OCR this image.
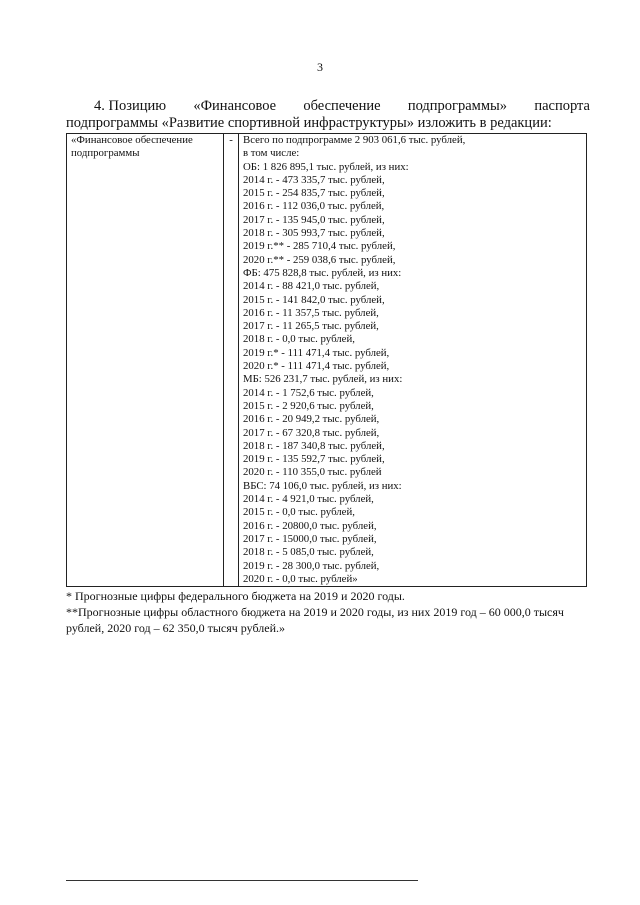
3
4. Позицию «Финансовое обеспечение подпрограммы» паспорта
подпрограммы «Развитие спортивной инфраструктуры» изложить в редакции:
«Финансовое обеспечение подпрограммы	-	Всего по подпрограмме 2 903 061,6 тыс. рублей,
в том числе:
ОБ: 1 826 895,1 тыс. рублей, из них:
2014 г. - 473 335,7 тыс. рублей,
2015 г. - 254 835,7 тыс. рублей,
2016 г. - 112 036,0 тыс. рублей,
2017 г. - 135 945,0 тыс. рублей,
2018 г. - 305 993,7 тыс. рублей,
2019 г.** - 285 710,4 тыс. рублей,
2020 г.** - 259 038,6 тыс. рублей,
ФБ: 475 828,8 тыс. рублей, из них:
2014 г. - 88 421,0 тыс. рублей,
2015 г. - 141 842,0 тыс. рублей,
2016 г. - 11 357,5 тыс. рублей,
2017 г. - 11 265,5 тыс. рублей,
2018 г. - 0,0 тыс. рублей,
2019 г.* - 111 471,4 тыс. рублей,
2020 г.* - 111 471,4 тыс. рублей,
МБ: 526 231,7 тыс. рублей, из них:
2014 г. - 1 752,6 тыс. рублей,
2015 г. - 2 920,6 тыс. рублей,
2016 г. - 20 949,2 тыс. рублей,
2017 г. - 67 320,8 тыс. рублей,
2018 г. - 187 340,8 тыс. рублей,
2019 г. - 135 592,7 тыс. рублей,
2020 г. - 110 355,0 тыс. рублей
ВБС: 74 106,0 тыс. рублей, из них:
2014 г. - 4 921,0 тыс. рублей,
2015 г. - 0,0 тыс. рублей,
2016 г. - 20800,0 тыс. рублей,
2017 г. - 15000,0 тыс. рублей,
2018 г. - 5 085,0 тыс. рублей,
2019 г. - 28 300,0 тыс. рублей,
2020 г. - 0,0 тыс. рублей»
* Прогнозные цифры федерального бюджета на 2019 и 2020 годы.
**Прогнозные цифры областного бюджета на 2019 и 2020 годы, из них 2019 год – 60 000,0 тысяч рублей, 2020 год – 62 350,0 тысяч рублей.»
